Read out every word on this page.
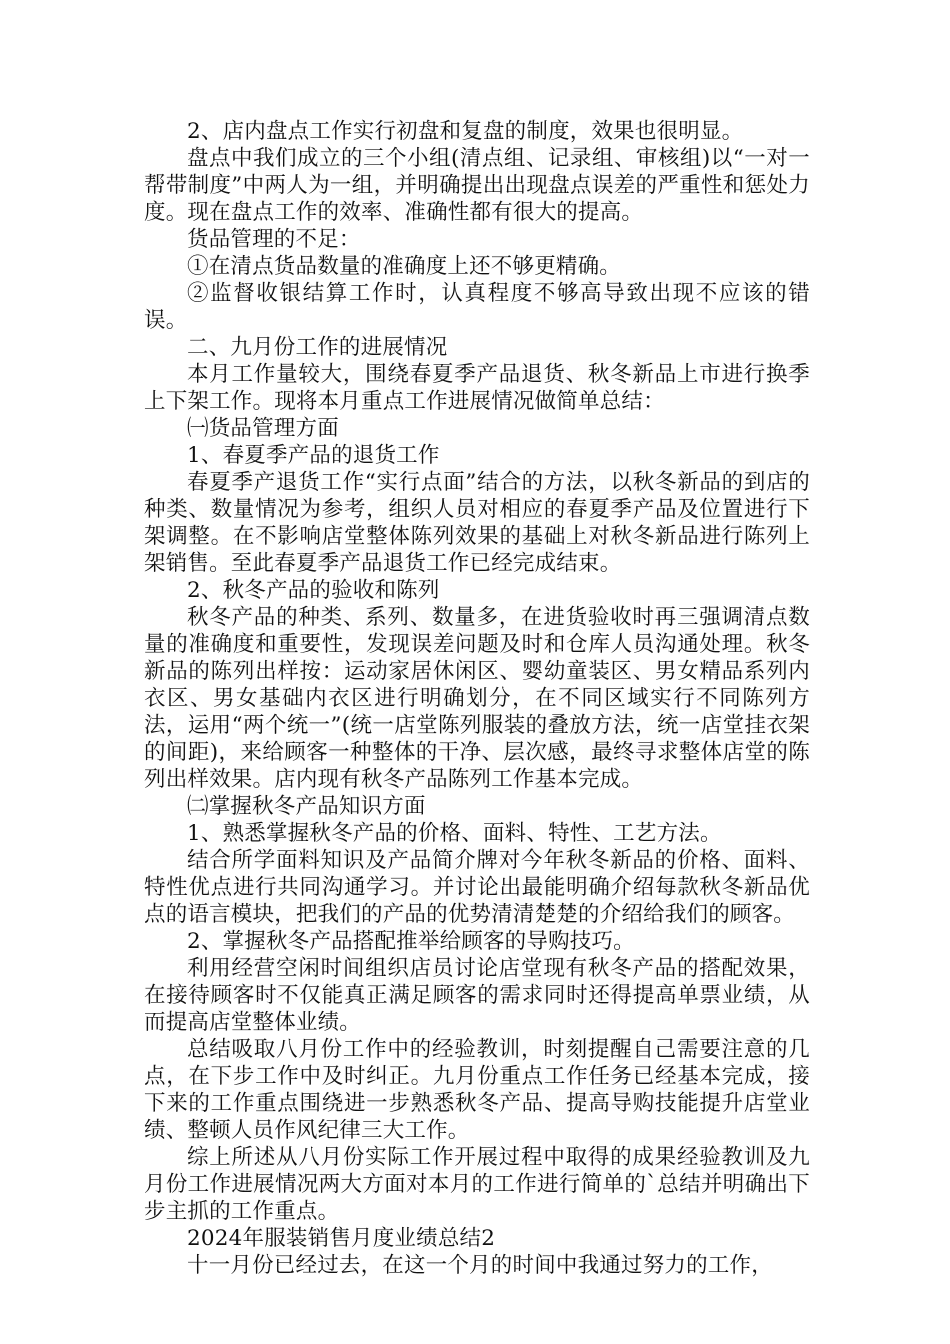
2、店内盘点工作实行初盘和复盘的制度，效果也很明显。

盘点中我们成立的三个小组(清点组、记录组、审核组)以“一对一帮带制度”中两人为一组，并明确提出出现盘点误差的严重性和惩处力度。现在盘点工作的效率、准确性都有很大的提高。

货品管理的不足：

①在清点货品数量的准确度上还不够更精确。

②监督收银结算工作时，认真程度不够高导致出现不应该的错误。

二、九月份工作的进展情况

本月工作量较大，围绕春夏季产品退货、秋冬新品上市进行换季上下架工作。现将本月重点工作进展情况做简单总结：

㈠货品管理方面

1、春夏季产品的退货工作

春夏季产退货工作“实行点面”结合的方法，以秋冬新品的到店的种类、数量情况为参考，组织人员对相应的春夏季产品及位置进行下架调整。在不影响店堂整体陈列效果的基础上对秋冬新品进行陈列上架销售。至此春夏季产品退货工作已经完成结束。

2、秋冬产品的验收和陈列

秋冬产品的种类、系列、数量多，在进货验收时再三强调清点数量的准确度和重要性，发现误差问题及时和仓库人员沟通处理。秋冬新品的陈列出样按：运动家居休闲区、婴幼童装区、男女精品系列内衣区、男女基础内衣区进行明确划分，在不同区域实行不同陈列方法，运用“两个统一”(统一店堂陈列服装的叠放方法，统一店堂挂衣架的间距)，来给顾客一种整体的干净、层次感，最终寻求整体店堂的陈列出样效果。店内现有秋冬产品陈列工作基本完成。

㈡掌握秋冬产品知识方面

1、熟悉掌握秋冬产品的价格、面料、特性、工艺方法。

结合所学面料知识及产品简介牌对今年秋冬新品的价格、面料、特性优点进行共同沟通学习。并讨论出最能明确介绍每款秋冬新品优点的语言模块，把我们的产品的优势清清楚楚的介绍给我们的顾客。

2、掌握秋冬产品搭配推举给顾客的导购技巧。

利用经营空闲时间组织店员讨论店堂现有秋冬产品的搭配效果，在接待顾客时不仅能真正满足顾客的需求同时还得提高单票业绩，从而提高店堂整体业绩。

总结吸取八月份工作中的经验教训，时刻提醒自己需要注意的几点，在下步工作中及时纠正。九月份重点工作任务已经基本完成，接下来的工作重点围绕进一步熟悉秋冬产品、提高导购技能提升店堂业绩、整顿人员作风纪律三大工作。

综上所述从八月份实际工作开展过程中取得的成果经验教训及九月份工作进展情况两大方面对本月的工作进行简单的`总结并明确出下步主抓的工作重点。

2024年服装销售月度业绩总结2

十一月份已经过去，在这一个月的时间中我通过努力的工作，
